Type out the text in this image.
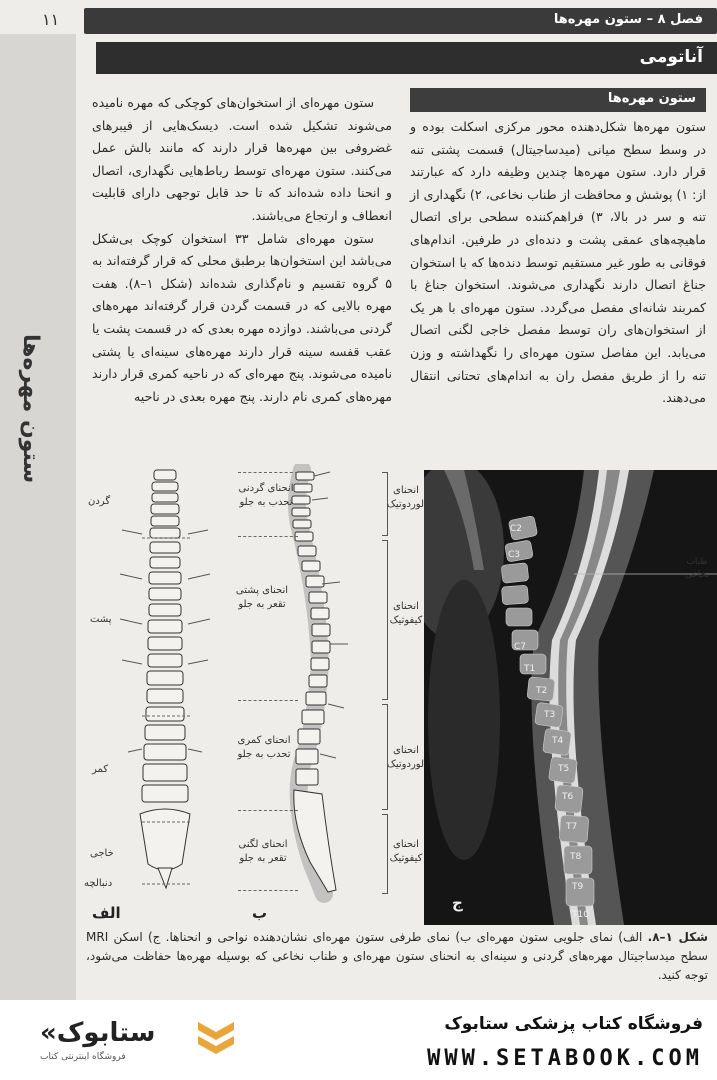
ستون مهره‌ها
۱۱	فصل ۸ – ستون مهره‌ها
آناتومی
ستون مهره‌ها

ستون مهره‌ها شکل‌دهنده محور مرکزی اسکلت بوده و در وسط سطح میانی (میدساجیتال) قسمت پشتی تنه قرار دارد. ستون مهره‌ها چندین وظیفه دارد که عبارتند از: ۱) پوشش و محافظت از طناب نخاعی، ۲) نگهداری از تنه و سر در بالا، ۳) فراهم‌کننده سطحی برای اتصال ماهیچه‌های عمقی پشت و دنده‌ای در طرفین. اندام‌های فوقانی به طور غیر مستقیم توسط دنده‌ها که با استخوان جناغ اتصال دارند نگهداری می‌شوند. استخوان جناغ با کمربند شانه‌ای مفصل می‌گردد. ستون مهره‌ای با هر یک از استخوان‌های ران توسط مفصل خاجی لگنی اتصال می‌یابد. این مفاصل ستون مهره‌ای را نگهداشته و وزن تنه را از طریق مفصل ران به اندام‌های تحتانی انتقال می‌دهند.

ستون مهره‌ای از استخوان‌های کوچکی که مهره نامیده می‌شوند تشکیل شده است. دیسک‌هایی از فیبرهای غضروفی بین مهره‌ها قرار دارند که مانند بالش عمل می‌کنند. ستون مهره‌ای توسط رباط‌هایی نگهداری، اتصال و انحنا داده شده‌اند که تا حد قابل توجهی دارای قابلیت انعطاف و ارتجاع می‌باشند.

ستون مهره‌ای شامل ۳۳ استخوان کوچک بی‌شکل می‌باشد این استخوان‌ها برطبق محلی که قرار گرفته‌اند به ۵ گروه تقسیم و نام‌گذاری شده‌اند (شکل ۱–۸). هفت مهره بالایی که در قسمت گردن قرار گرفته‌اند مهره‌های گردنی می‌باشند. دوازده مهره بعدی که در قسمت پشت یا عقب قفسه سینه قرار دارند مهره‌های سینه‌ای یا پشتی نامیده می‌شوند. پنج مهره‌ای که در ناحیه کمری قرار دارند مهره‌های کمری نام دارند. پنج مهره بعدی در ناحیه

گردن
پشت
کمر
خاجی
دنبالچه
الف
انحنای گردنی تحدب به جلو
انحنای پشتی تقعر به جلو
انحنای کمری تحدب به جلو
انحنای لگنی تقعر به جلو
انحنای لوردوتیک
انحنای کیفوتیک
انحنای لوردوتیک
انحنای کیفوتیک
ب
C2
C3
C7
T1
T2
T3
T4
T5
T6
T7
T8
T9
T10
ج
طناب نخاعی
شکل ۱–۸. الف) نمای جلویی ستون مهره‌ای ب) نمای طرفی ستون مهره‌ای نشان‌دهنده نواحی و انحناها. ج) اسکن MRI سطح میدساجیتال مهره‌های گردنی و سینه‌ای به انحنای ستون مهره‌ای و طناب نخاعی که بوسیله مهره‌ها حفاظت می‌شود، توجه کنید.
«ستابوک
فروشگاه اینترنتی کتاب
فروشگاه کتاب پزشکی ستابوک
WWW.SETABOOK.COM
